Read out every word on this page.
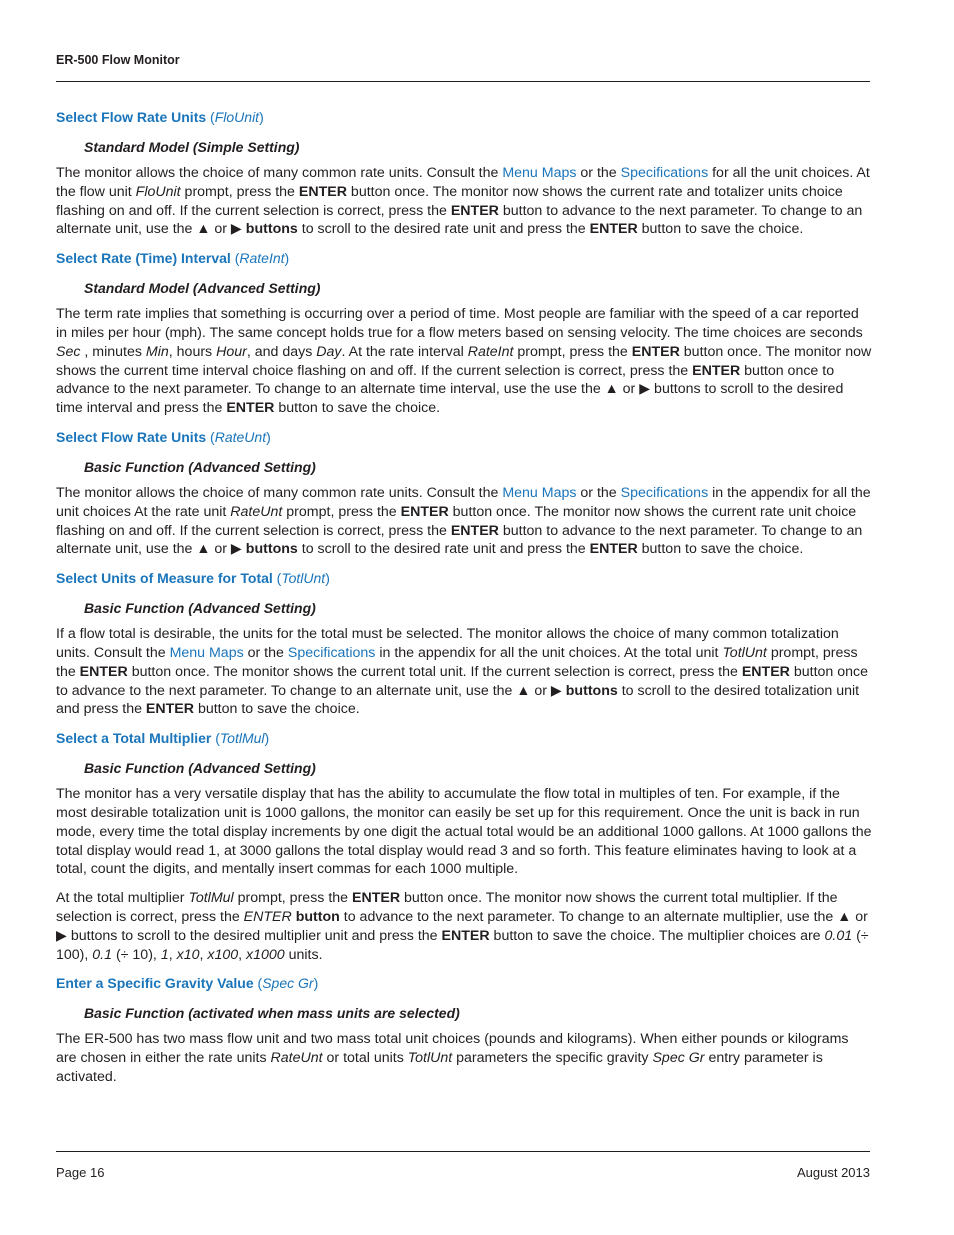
ER-500 Flow Monitor
Select Flow Rate Units (FloUnit)
Standard Model (Simple Setting)

The monitor allows the choice of many common rate units. Consult the Menu Maps or the Specifications for all the unit choices. At the flow unit FloUnit prompt, press the ENTER button once. The monitor now shows the current rate and totalizer units choice flashing on and off. If the current selection is correct, press the ENTER button to advance to the next parameter. To change to an alternate unit, use the ▲ or ▶ buttons to scroll to the desired rate unit and press the ENTER button to save the choice.

Select Rate (Time) Interval (RateInt)
Standard Model (Advanced Setting)

The term rate implies that something is occurring over a period of time. Most people are familiar with the speed of a car reported in miles per hour (mph). The same concept holds true for a flow meters based on sensing velocity. The time choices are seconds Sec , minutes Min, hours Hour, and days Day. At the rate interval RateInt prompt, press the ENTER button once. The monitor now shows the current time interval choice flashing on and off. If the current selection is correct, press the ENTER button once to advance to the next parameter. To change to an alternate time interval, use the use the ▲ or ▶ buttons to scroll to the desired time interval and press the ENTER button to save the choice.

Select Flow Rate Units (RateUnt)
Basic Function (Advanced Setting)

The monitor allows the choice of many common rate units. Consult the Menu Maps or the Specifications in the appendix for all the unit choices At the rate unit RateUnt prompt, press the ENTER button once. The monitor now shows the current rate unit choice flashing on and off. If the current selection is correct, press the ENTER button to advance to the next parameter. To change to an alternate unit, use the ▲ or ▶ buttons to scroll to the desired rate unit and press the ENTER button to save the choice.

Select Units of Measure for Total (TotlUnt)
Basic Function (Advanced Setting)

If a flow total is desirable, the units for the total must be selected. The monitor allows the choice of many common totalization units. Consult the Menu Maps or the Specifications in the appendix for all the unit choices. At the total unit TotlUnt prompt, press the ENTER button once. The monitor shows the current total unit. If the current selection is correct, press the ENTER button once to advance to the next parameter. To change to an alternate unit, use the ▲ or ▶ buttons to scroll to the desired totalization unit and press the ENTER button to save the choice.

Select a Total Multiplier (TotlMul)
Basic Function (Advanced Setting)

The monitor has a very versatile display that has the ability to accumulate the flow total in multiples of ten. For example, if the most desirable totalization unit is 1000 gallons, the monitor can easily be set up for this requirement. Once the unit is back in run mode, every time the total display increments by one digit the actual total would be an additional 1000 gallons. At 1000 gallons the total display would read 1, at 3000 gallons the total display would read 3 and so forth. This feature eliminates having to look at a total, count the digits, and mentally insert commas for each 1000 multiple.

At the total multiplier TotlMul prompt, press the ENTER button once. The monitor now shows the current total multiplier. If the selection is correct, press the ENTER button to advance to the next parameter. To change to an alternate multiplier, use the ▲ or ▶ buttons to scroll to the desired multiplier unit and press the ENTER button to save the choice. The multiplier choices are 0.01 (÷ 100), 0.1 (÷ 10), 1, x10, x100, x1000 units.

Enter a Specific Gravity Value (Spec Gr)
Basic Function (activated when mass units are selected)

The ER-500 has two mass flow unit and two mass total unit choices (pounds and kilograms). When either pounds or kilograms are chosen in either the rate units RateUnt or total units TotlUnt parameters the specific gravity Spec Gr entry parameter is activated.

Page 16	August 2013
